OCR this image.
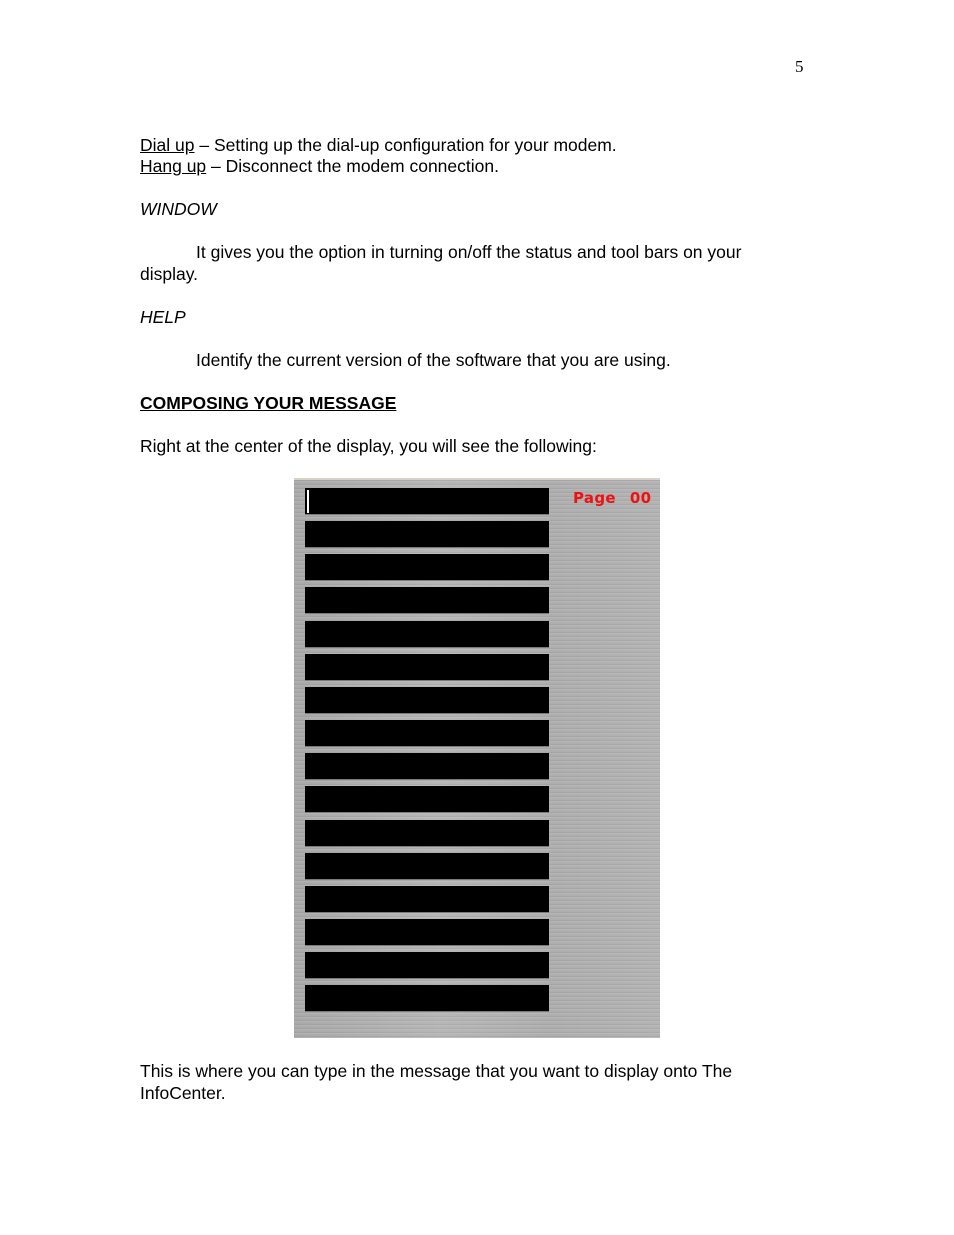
5
Dial up – Setting up the dial-up configuration for your modem.
Hang up – Disconnect the modem connection.
WINDOW
It gives you the option in turning on/off the status and tool bars on your
display.
HELP
Identify the current version of the software that you are using.
COMPOSING YOUR MESSAGE
Right at the center of the display, you will see the following:
Page 00
This is where you can type in the message that you want to display onto The
InfoCenter.
